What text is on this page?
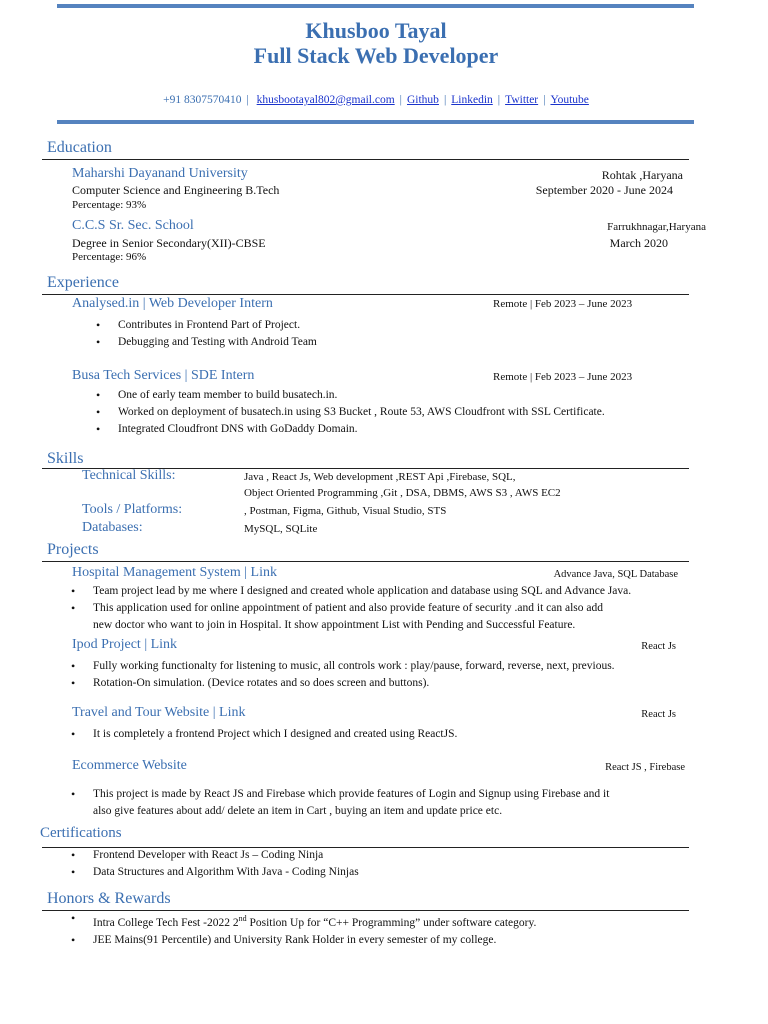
Khusboo Tayal
Full Stack Web Developer
+91 8307570410 | khusbootayal802@gmail.com | Github | Linkedin | Twitter | Youtube
Education
Maharshi Dayanand University	Rohtak ,Haryana
Computer Science and Engineering B.Tech	September 2020 - June 2024
Percentage: 93%
C.C.S Sr. Sec. School	Farrukhnagar,Haryana
Degree in Senior Secondary(XII)-CBSE	March 2020
Percentage: 96%
Experience
Analysed.in | Web Developer Intern	Remote | Feb 2023 – June 2023
• Contributes in Frontend Part of Project.
• Debugging and Testing with Android Team
Busa Tech Services | SDE Intern	Remote | Feb 2023 – June 2023
• One of early team member to build busatech.in.
• Worked on deployment of busatech.in using S3 Bucket , Route 53, AWS Cloudfront with SSL Certificate.
• Integrated Cloudfront DNS with GoDaddy Domain.
Skills
Technical Skills:	Java , React Js, Web development ,REST Api ,Firebase, SQL,
Object Oriented Programming ,Git , DSA, DBMS, AWS S3 , AWS EC2
Tools / Platforms:	, Postman, Figma, Github, Visual Studio, STS
Databases:	MySQL, SQLite
Projects
Hospital Management System | Link	Advance Java, SQL Database
• Team project lead by me where I designed and created whole application and database using SQL and Advance Java.
• This application used for online appointment of patient and also provide feature of security .and it can also add
new doctor who want to join in Hospital. It show appointment List with Pending and Successful Feature.
Ipod Project | Link	React Js
• Fully working functionalty for listening to music, all controls work : play/pause, forward, reverse, next, previous.
• Rotation-On simulation. (Device rotates and so does screen and buttons).
Travel and Tour Website | Link	React Js
• It is completely a frontend Project which I designed and created using ReactJS.
Ecommerce Website	React JS , Firebase
• This project is made by React JS and Firebase which provide features of Login and Signup using Firebase and it
also give features about add/ delete an item in Cart , buying an item and update price etc.
Certifications
• Frontend Developer with React Js – Coding Ninja
• Data Structures and Algorithm With Java - Coding Ninjas
Honors & Rewards
• Intra College Tech Fest -2022 2nd Position Up for “C++ Programming” under software category.
• JEE Mains(91 Percentile) and University Rank Holder in every semester of my college.
